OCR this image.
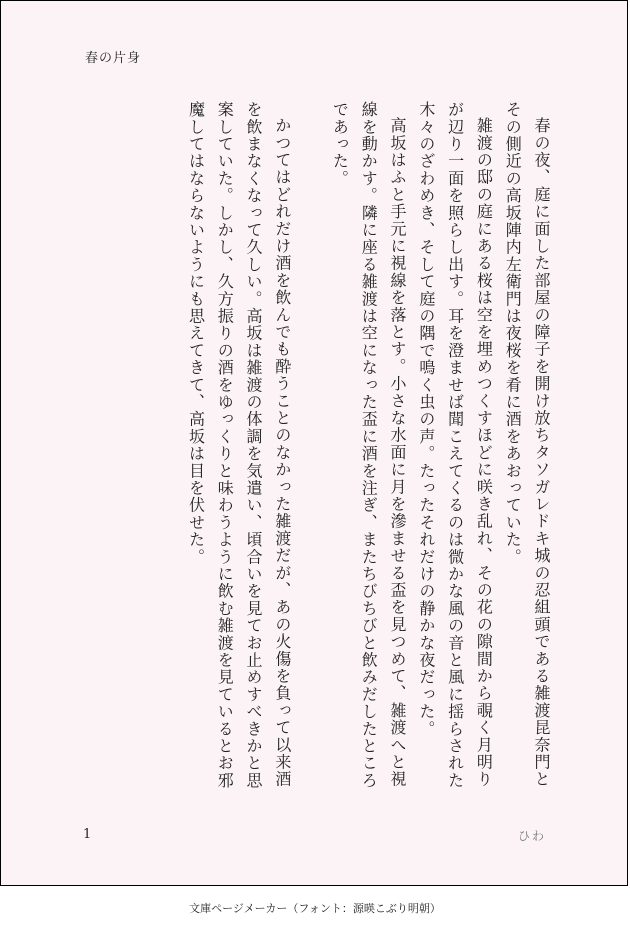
春の片身

春の夜、庭に面した部屋の障子を開け放ちタソガレドキ城の忍組頭である雑渡昆奈門とその側近の高坂陣内左衛門は夜桜を肴に酒をあおっていた。

雑渡の邸の庭にある桜は空を埋めつくすほどに咲き乱れ、その花の隙間から覗く月明りが辺り一面を照らし出す。耳を澄ませば聞こえてくるのは微かな風の音と風に揺らされた木々のざわめき、そして庭の隅で鳴く虫の声。たったそれだけの静かな夜だった。

高坂はふと手元に視線を落とす。小さな水面に月を滲ませる盃を見つめて、雑渡へと視線を動かす。隣に座る雑渡は空になった盃に酒を注ぎ、またちびちびと飲みだしたところであった。

かつてはどれだけ酒を飲んでも酔うことのなかった雑渡だが、あの火傷を負って以来酒を飲まなくなって久しい。高坂は雑渡の体調を気遣い、頃合いを見てお止めすべきかと思案していた。しかし、久方振りの酒をゆっくりと味わうように飲む雑渡を見ているとお邪魔してはならないようにも思えてきて、高坂は目を伏せた。

1	ひわ
文庫ページメーカー（フォント：源暎こぶり明朝）
